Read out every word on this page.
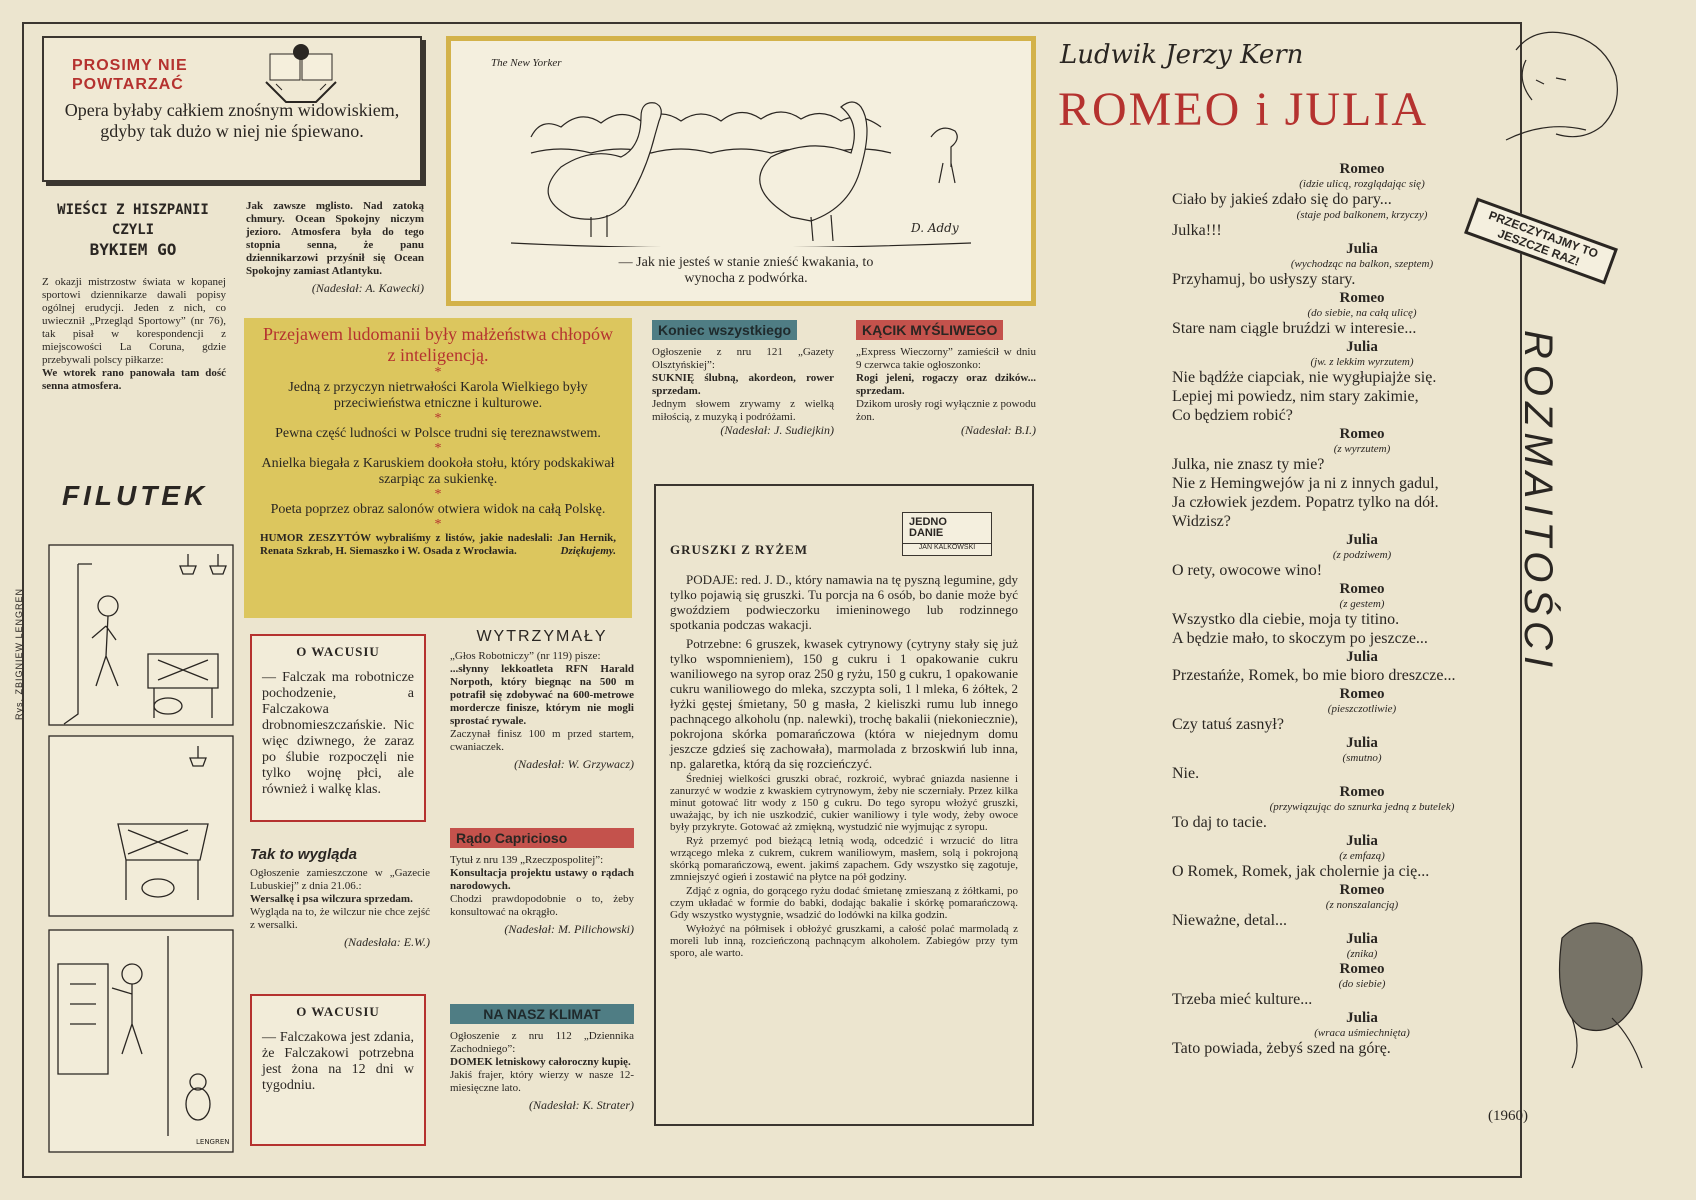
PROSIMY NIE
POWTARZAĆ
Opera byłaby całkiem znośnym widowiskiem, gdyby tak dużo w niej nie śpiewano.
WIEŚCI Z HISZPANII
CZYLI
BYKIEM GO
Z okazji mistrzostw świata w kopanej sportowi dziennikarze dawali popisy ogólnej erudycji. Jeden z nich, co uwiecznił „Przegląd Sportowy” (nr 76), tak pisał w korespondencji z miejscowości La Coruna, gdzie przebywali polscy piłkarze:
We wtorek rano panowała tam dość senna atmosfera.
Jak zawsze mglisto. Nad zatoką chmury. Ocean Spokojny niczym jezioro. Atmosfera była do tego stopnia senna, że panu dziennikarzowi przyśnił się Ocean Spokojny zamiast Atlantyku.
(Nadesłał: A. Kawecki)
The New Yorker
D. Addy
— Jak nie jesteś w stanie znieść kwakania, to wynocha z podwórka.
Przejawem ludomanii były małżeństwa chłopów z inteligencją.
*
Jedną z przyczyn nietrwałości Karola Wielkiego były przeciwieństwa etniczne i kulturowe.
*
Pewna część ludności w Polsce trudni się tereznawstwem.
*
Anielka biegała z Karuskiem dookoła stołu, który podskakiwał szarpiąc za sukienkę.
*
Poeta poprzez obraz salonów otwiera widok na całą Polskę.
*
HUMOR ZESZYTÓW wybraliśmy z listów, jakie nadesłali: Jan Hernik, Renata Szkrab, H. Siemaszko i W. Osada z Wrocławia.	Dziękujemy.
Koniec wszystkiego
Ogłoszenie z nru 121 „Gazety Olsztyńskiej”:
SUKNIĘ ślubną, akordeon, rower sprzedam.
Jednym słowem zrywamy z wielką miłością, z muzyką i podróżami.
(Nadesłał: J. Sudiejkin)
KĄCIK MYŚLIWEGO
„Express Wieczorny” zamieścił w dniu 9 czerwca takie ogłoszonko:
Rogi jeleni, rogaczy oraz dzików... sprzedam.
Dzikom urosły rogi wyłącznie z powodu żon.
(Nadesłał: B.I.)
FILUTEK
Rys. ZBIGNIEW LENGREN
LENGREN
O WACUSIU
— Falczak ma robotnicze pochodzenie, a Falczakowa drobnomieszczańskie. Nic więc dziwnego, że zaraz po ślubie rozpoczęli nie tylko wojnę płci, ale również i walkę klas.
Tak to wygląda
Ogłoszenie zamieszczone w „Gazecie Lubuskiej” z dnia 21.06.:
Wersalkę i psa wilczura sprzedam.
Wygląda na to, że wilczur nie chce zejść z wersalki.
(Nadesłała: E.W.)
O WACUSIU
— Falczakowa jest zdania, że Falczakowi potrzebna jest żona na 12 dni w tygodniu.
WYTRZYMAŁY
„Głos Robotniczy” (nr 119) pisze:
...słynny lekkoatleta RFN Harald Norpoth, który biegnąc na 500 m potrafił się zdobywać na 600-metrowe mordercze finisze, którym nie mogli sprostać rywale.
Zaczynał finisz 100 m przed startem, cwaniaczek.
(Nadesłał: W. Grzywacz)
Rądo Capricioso
Tytuł z nru 139 „Rzeczpospolitej”:
Konsultacja projektu ustawy o rądach narodowych.
Chodzi prawdopodobnie o to, żeby konsultować na okrągło.
(Nadesłał: M. Pilichowski)
NA NASZ KLIMAT
Ogłoszenie z nru 112 „Dziennika Zachodniego”:
DOMEK letniskowy całoroczny kupię.
Jakiś frajer, który wierzy w nasze 12-miesięczne lato.
(Nadesłał: K. Strater)
JEDNO
DANIE
JAN KALKOWSKI
GRUSZKI Z RYŻEM
PODAJE: red. J. D., który namawia na tę pyszną legumine, gdy tylko pojawią się gruszki. Tu porcja na 6 osób, bo danie może być gwoździem podwieczorku imieninowego lub rodzinnego spotkania podczas wakacji.
Potrzebne: 6 gruszek, kwasek cytrynowy (cytryny stały się już tylko wspomnieniem), 150 g cukru i 1 opakowanie cukru waniliowego na syrop oraz 250 g ryżu, 150 g cukru, 1 opakowanie cukru waniliowego do mleka, szczypta soli, 1 l mleka, 6 żółtek, 2 łyżki gęstej śmietany, 50 g masła, 2 kieliszki rumu lub innego pachnącego alkoholu (np. nalewki), trochę bakalii (niekoniecznie), pokrojona skórka pomarańczowa (która w niejednym domu jeszcze gdzieś się zachowała), marmolada z brzoskwiń lub inna, np. galaretka, którą da się rozcieńczyć.
Średniej wielkości gruszki obrać, rozkroić, wybrać gniazda nasienne i zanurzyć w wodzie z kwaskiem cytrynowym, żeby nie sczerniały. Przez kilka minut gotować litr wody z 150 g cukru. Do tego syropu włożyć gruszki, uważając, by ich nie uszkodzić, cukier waniliowy i tyle wody, żeby owoce były przykryte. Gotować aż zmiękną, wystudzić nie wyjmując z syropu.
Ryż przemyć pod bieżącą letnią wodą, odcedzić i wrzucić do litra wrzącego mleka z cukrem, cukrem waniliowym, masłem, solą i pokrojoną skórką pomarańczową, ewent. jakimś zapachem. Gdy wszystko się zagotuje, zmniejszyć ogień i zostawić na płytce na pół godziny.
Zdjąć z ognia, do gorącego ryżu dodać śmietanę zmieszaną z żółtkami, po czym układać w formie do babki, dodając bakalie i skórkę pomarańczową. Gdy wszystko wystygnie, wsadzić do lodówki na kilka godzin.
Wyłożyć na półmisek i obłożyć gruszkami, a całość polać marmoladą z moreli lub inną, rozcieńczoną pachnącym alkoholem. Zabiegów przy tym sporo, ale warto.
Ludwik Jerzy Kern
ROMEO i JULIA
PRZECZYTAJMY TO JESZCZE RAZ!
ROZMAITOŚCI
Romeo
(idzie ulicą, rozglądając się)
Ciało by jakieś zdało się do pary...
(staje pod balkonem, krzyczy)
Julka!!!
Julia
(wychodząc na balkon, szeptem)
Przyhamuj, bo usłyszy stary.
Romeo
(do siebie, na całą ulicę)
Stare nam ciągle bruździ w interesie...
Julia
(jw. z lekkim wyrzutem)
Nie bądźże ciapciak, nie wygłupiajże się.
Lepiej mi powiedz, nim stary zakimie,
Co będziem robić?
Romeo
(z wyrzutem)
Julka, nie znasz ty mie?
Nie z Hemingwejów ja ni z innych gadul,
Ja człowiek jezdem. Popatrz tylko na dół.
Widzisz?
Julia
(z podziwem)
O rety, owocowe wino!
Romeo
(z gestem)
Wszystko dla ciebie, moja ty titino.
A będzie mało, to skoczym po jeszcze...
Julia
Przestańże, Romek, bo mie bioro dreszcze...
Romeo
(pieszczotliwie)
Czy tatuś zasnył?
Julia
(smutno)
Nie.
Romeo
(przywiązując do sznurka jedną z butelek)
To daj to tacie.
Julia
(z emfazą)
O Romek, Romek, jak cholernie ja cię...
Romeo
(z nonszalancją)
Nieważne, detal...
Julia
(znika)
Romeo
(do siebie)
Trzeba mieć kulture...
Julia
(wraca uśmiechnięta)
Tato powiada, żebyś szed na górę.
(1960)
